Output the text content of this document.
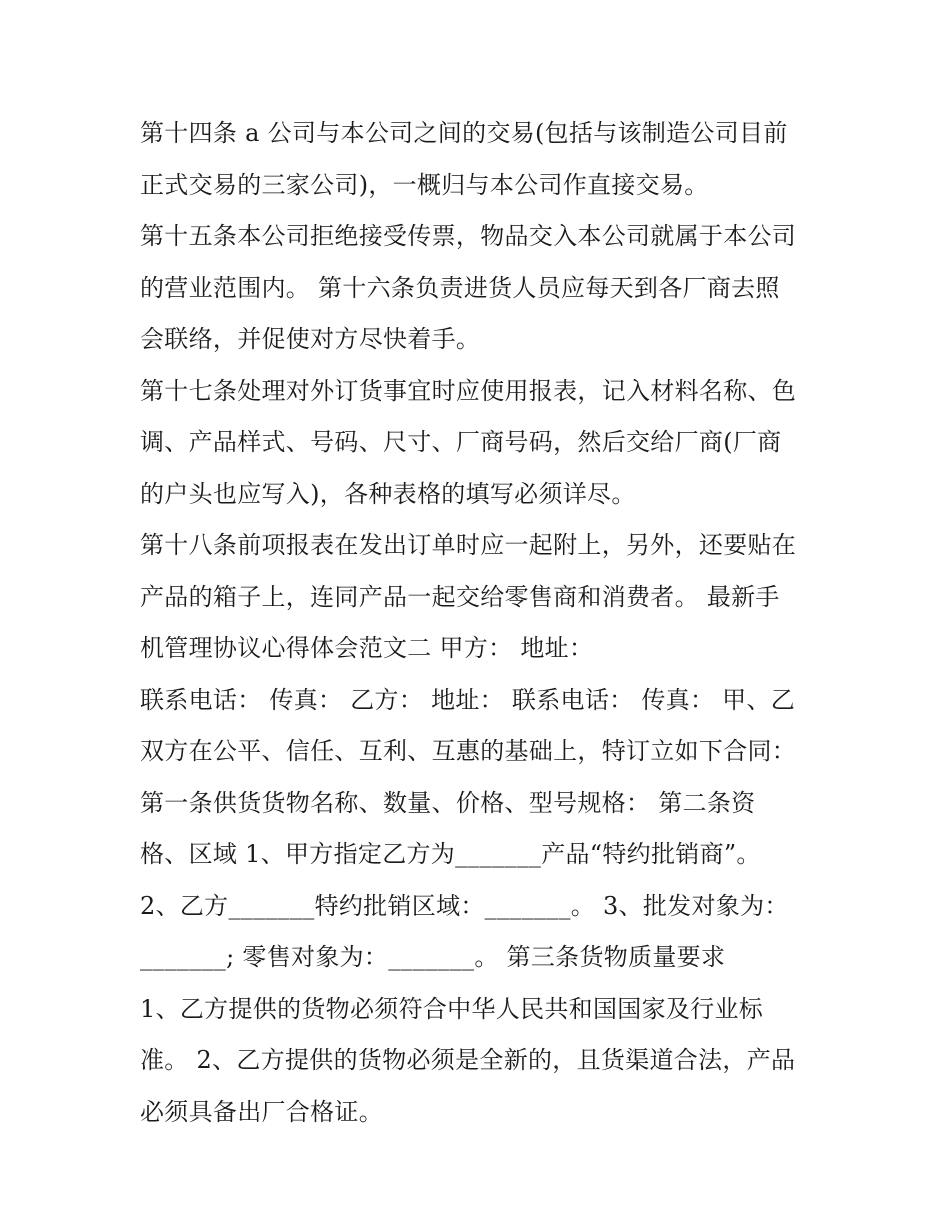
第十四条 a 公司与本公司之间的交易(包括与该制造公司目前
正式交易的三家公司)，一概归与本公司作直接交易。
第十五条本公司拒绝接受传票，物品交入本公司就属于本公司
的营业范围内。 第十六条负责进货人员应每天到各厂商去照
会联络，并促使对方尽快着手。
第十七条处理对外订货事宜时应使用报表，记入材料名称、色
调、产品样式、号码、尺寸、厂商号码，然后交给厂商(厂商
的户头也应写入)，各种表格的填写必须详尽。
第十八条前项报表在发出订单时应一起附上，另外，还要贴在
产品的箱子上，连同产品一起交给零售商和消费者。 最新手
机管理协议心得体会范文二 甲方： 地址：
联系电话： 传真： 乙方： 地址： 联系电话： 传真： 甲、乙
双方在公平、信任、互利、互惠的基础上，特订立如下合同：
第一条供货货物名称、数量、价格、型号规格： 第二条资
格、区域 1、甲方指定乙方为_______产品“特约批销商”。
2、乙方_______特约批销区域：_______。 3、批发对象为：
_______; 零售对象为：_______。 第三条货物质量要求
1、乙方提供的货物必须符合中华人民共和国国家及行业标
准。 2、乙方提供的货物必须是全新的，且货渠道合法，产品
必须具备出厂合格证。
